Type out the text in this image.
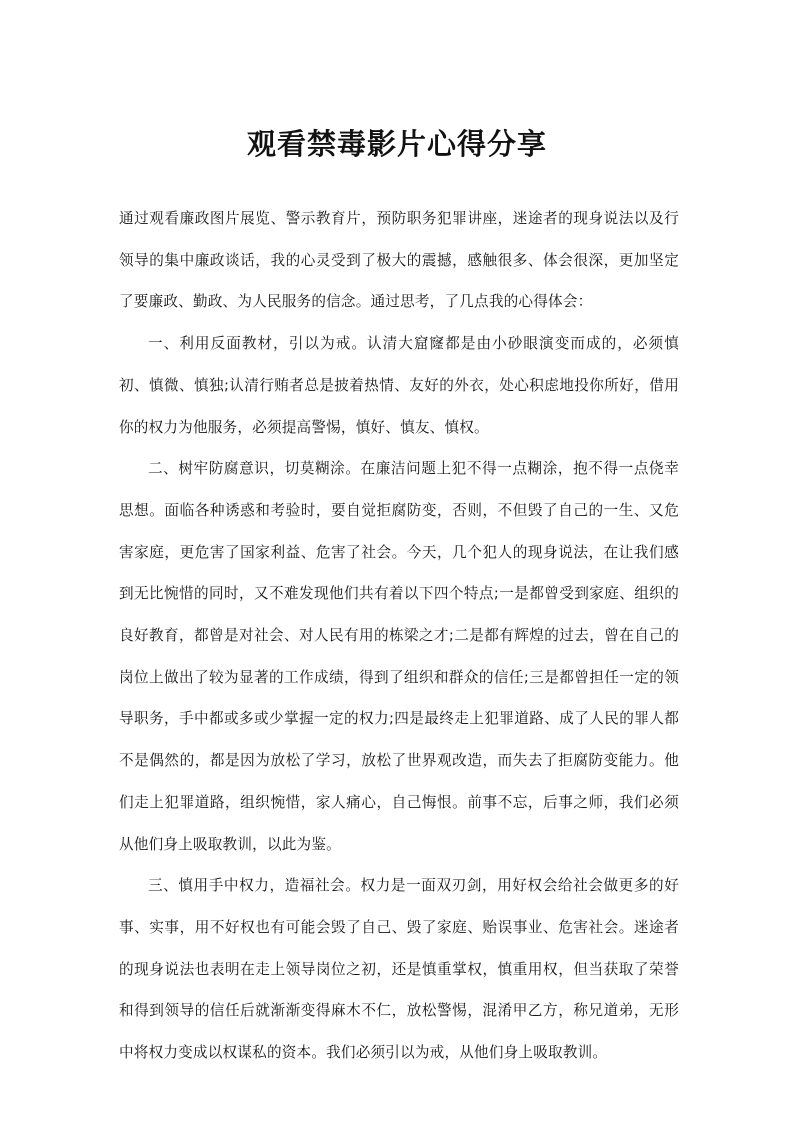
观看禁毒影片心得分享

通过观看廉政图片展览、警示教育片，预防职务犯罪讲座，迷途者的现身说法以及行领导的集中廉政谈话，我的心灵受到了极大的震撼，感触很多、体会很深，更加坚定了要廉政、勤政、为人民服务的信念。通过思考，了几点我的心得体会：

一、利用反面教材，引以为戒。认清大窟窿都是由小砂眼演变而成的，必须慎初、慎微、慎独;认清行贿者总是披着热情、友好的外衣，处心积虑地投你所好，借用你的权力为他服务，必须提高警惕，慎好、慎友、慎权。

二、树牢防腐意识，切莫糊涂。在廉洁问题上犯不得一点糊涂，抱不得一点侥幸思想。面临各种诱惑和考验时，要自觉拒腐防变，否则，不但毁了自己的一生、又危害家庭，更危害了国家利益、危害了社会。今天，几个犯人的现身说法，在让我们感到无比惋惜的同时，又不难发现他们共有着以下四个特点;一是都曾受到家庭、组织的良好教育，都曾是对社会、对人民有用的栋梁之才;二是都有辉煌的过去，曾在自己的岗位上做出了较为显著的工作成绩，得到了组织和群众的信任;三是都曾担任一定的领导职务，手中都或多或少掌握一定的权力;四是最终走上犯罪道路、成了人民的罪人都不是偶然的，都是因为放松了学习，放松了世界观改造，而失去了拒腐防变能力。他们走上犯罪道路，组织惋惜，家人痛心，自己悔恨。前事不忘，后事之师，我们必须从他们身上吸取教训，以此为鉴。

三、慎用手中权力，造福社会。权力是一面双刃剑，用好权会给社会做更多的好事、实事，用不好权也有可能会毁了自己、毁了家庭、贻误事业、危害社会。迷途者的现身说法也表明在走上领导岗位之初，还是慎重掌权，慎重用权，但当获取了荣誉和得到领导的信任后就渐渐变得麻木不仁，放松警惕，混淆甲乙方，称兄道弟，无形中将权力变成以权谋私的资本。我们必须引以为戒，从他们身上吸取教训。
